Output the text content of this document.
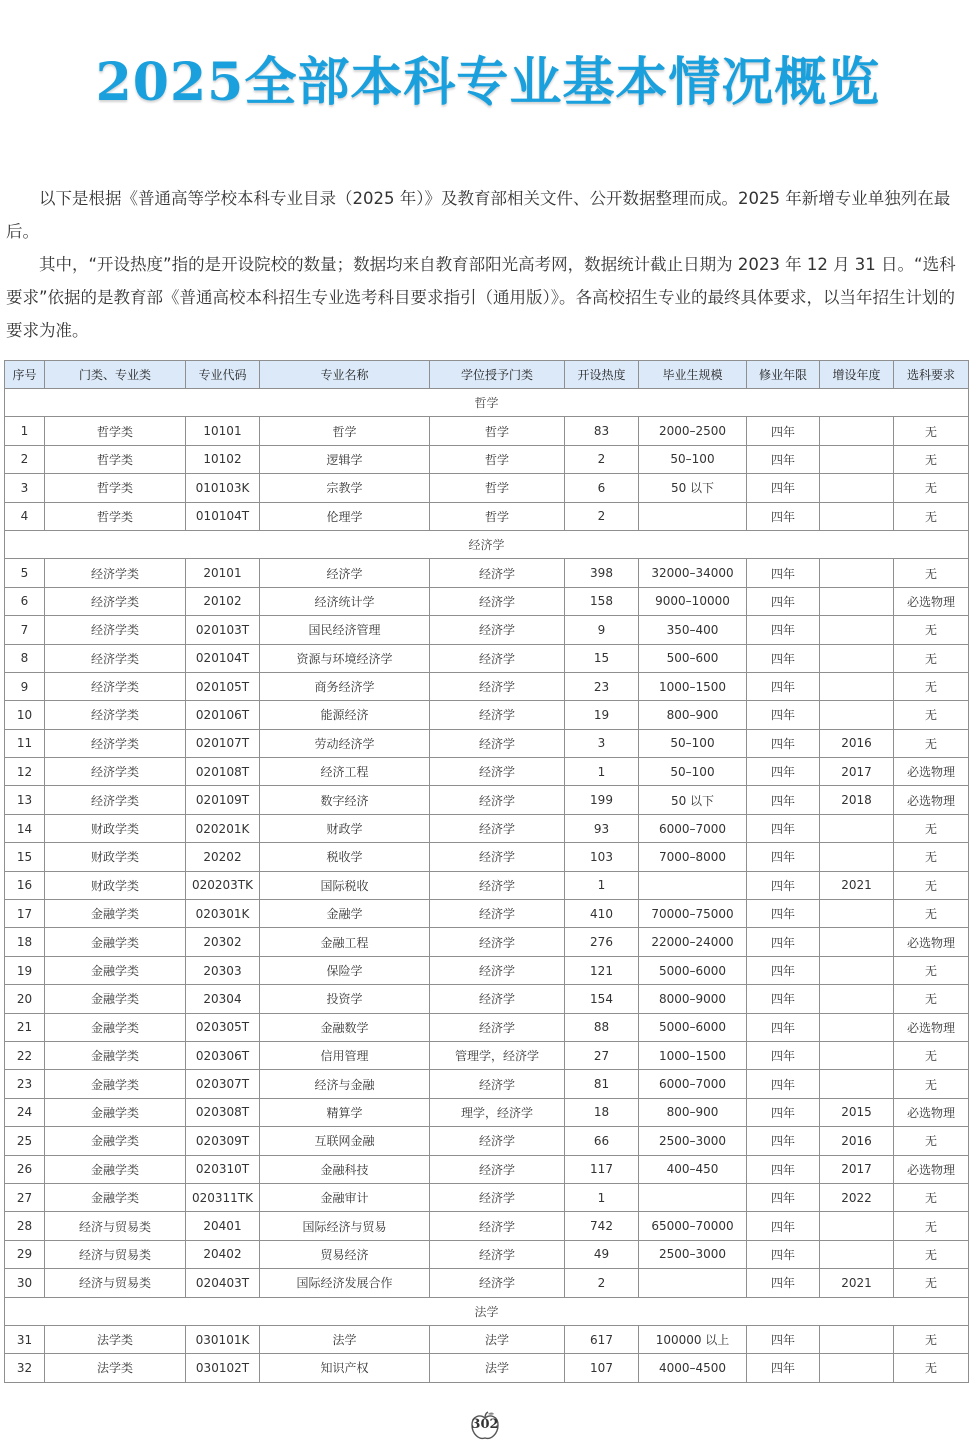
2025全部本科专业基本情况概览

以下是根据《普通高等学校本科专业目录（2025 年）》及教育部相关文件、公开数据整理而成。2025 年新增专业单独列在最后。

其中，“开设热度”指的是开设院校的数量；数据均来自教育部阳光高考网，数据统计截止日期为 2023 年 12 月 31 日。“选科要求”依据的是教育部《普通高校本科招生专业选考科目要求指引（通用版）》。各高校招生专业的最终具体要求，以当年招生计划的要求为准。

序号	门类、专业类	专业代码	专业名称	学位授予门类	开设热度	毕业生规模	修业年限	增设年度	选科要求
哲学									
1	哲学类	10101	哲学	哲学	83	2000–2500	四年		无
2	哲学类	10102	逻辑学	哲学	2	50–100	四年		无
3	哲学类	010103K	宗教学	哲学	6	50 以下	四年		无
4	哲学类	010104T	伦理学	哲学	2		四年		无
经济学									
5	经济学类	20101	经济学	经济学	398	32000–34000	四年		无
6	经济学类	20102	经济统计学	经济学	158	9000–10000	四年		必选物理
7	经济学类	020103T	国民经济管理	经济学	9	350–400	四年		无
8	经济学类	020104T	资源与环境经济学	经济学	15	500–600	四年		无
9	经济学类	020105T	商务经济学	经济学	23	1000–1500	四年		无
10	经济学类	020106T	能源经济	经济学	19	800–900	四年		无
11	经济学类	020107T	劳动经济学	经济学	3	50–100	四年	2016	无
12	经济学类	020108T	经济工程	经济学	1	50–100	四年	2017	必选物理
13	经济学类	020109T	数字经济	经济学	199	50 以下	四年	2018	必选物理
14	财政学类	020201K	财政学	经济学	93	6000–7000	四年		无
15	财政学类	20202	税收学	经济学	103	7000–8000	四年		无
16	财政学类	020203TK	国际税收	经济学	1		四年	2021	无
17	金融学类	020301K	金融学	经济学	410	70000–75000	四年		无
18	金融学类	20302	金融工程	经济学	276	22000–24000	四年		必选物理
19	金融学类	20303	保险学	经济学	121	5000–6000	四年		无
20	金融学类	20304	投资学	经济学	154	8000–9000	四年		无
21	金融学类	020305T	金融数学	经济学	88	5000–6000	四年		必选物理
22	金融学类	020306T	信用管理	管理学，经济学	27	1000–1500	四年		无
23	金融学类	020307T	经济与金融	经济学	81	6000–7000	四年		无
24	金融学类	020308T	精算学	理学，经济学	18	800–900	四年	2015	必选物理
25	金融学类	020309T	互联网金融	经济学	66	2500–3000	四年	2016	无
26	金融学类	020310T	金融科技	经济学	117	400–450	四年	2017	必选物理
27	金融学类	020311TK	金融审计	经济学	1		四年	2022	无
28	经济与贸易类	20401	国际经济与贸易	经济学	742	65000–70000	四年		无
29	经济与贸易类	20402	贸易经济	经济学	49	2500–3000	四年		无
30	经济与贸易类	020403T	国际经济发展合作	经济学	2		四年	2021	无
法学									
31	法学类	030101K	法学	法学	617	100000 以上	四年		无
32	法学类	030102T	知识产权	法学	107	4000–4500	四年		无
302
